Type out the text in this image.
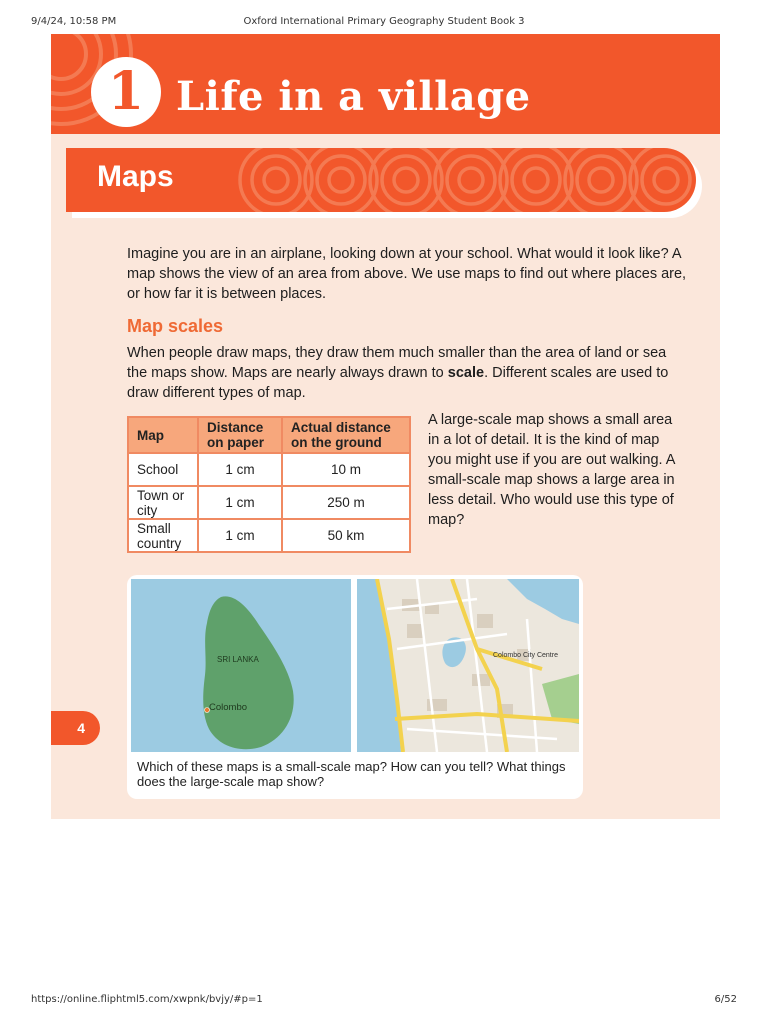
9/4/24, 10:58 PM	Oxford International Primary Geography Student Book 3
1 Life in a village
Maps

Imagine you are in an airplane, looking down at your school. What would it look like? A map shows the view of an area from above. We use maps to find out where places are, or how far it is between places.

Map scales

When people draw maps, they draw them much smaller than the area of land or sea the maps show. Maps are nearly always drawn to scale. Different scales are used to draw different types of map.

Map	Distance on paper	Actual distance on the ground
School	1 cm	10 m
Town or city	1 cm	250 m
Small country	1 cm	50 km

A large-scale map shows a small area in a lot of detail. It is the kind of map you might use if you are out walking. A small-scale map shows a large area in less detail. Who would use this type of map?

SRI LANKA
Colombo
Colombo City Centre

Which of these maps is a small-scale map? How can you tell? What things does the large-scale map show?

4
https://online.fliphtml5.com/xwpnk/bvjy/#p=1	6/52
